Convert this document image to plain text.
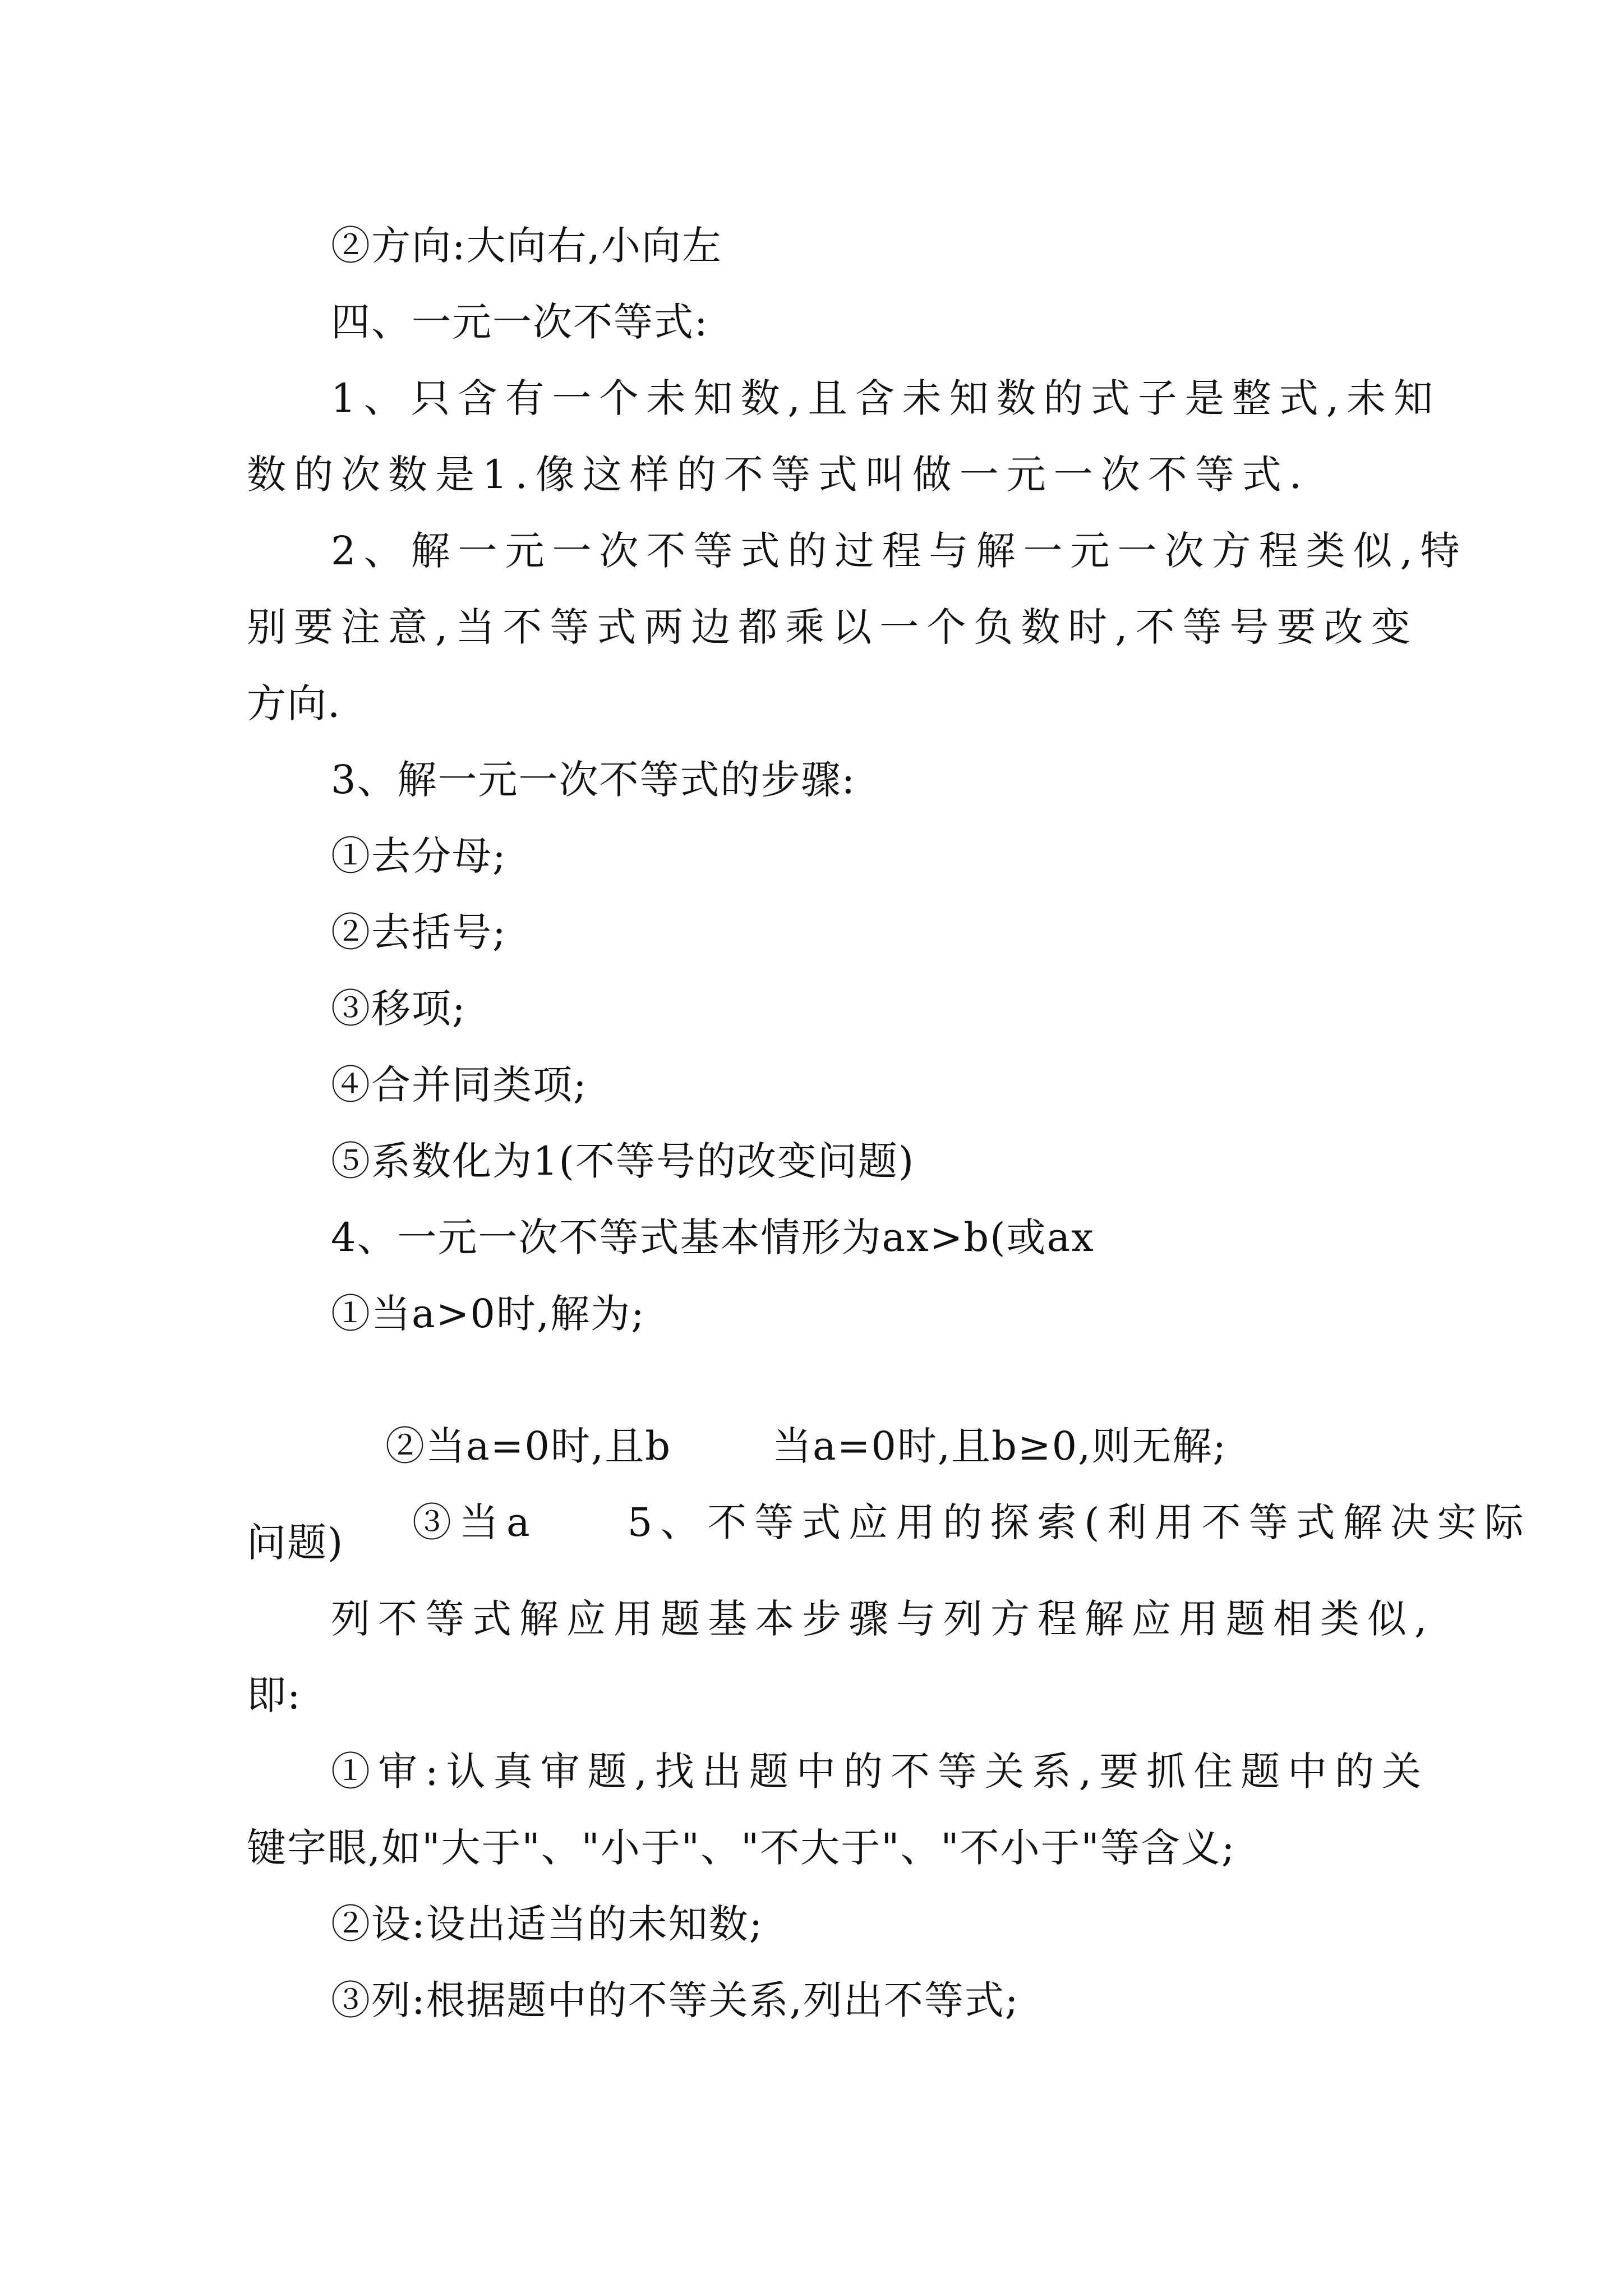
②方向:大向右,小向左
四、一元一次不等式:
1、只含有一个未知数,且含未知数的式子是整式,未知
数的次数是1.像这样的不等式叫做一元一次不等式.
2、解一元一次不等式的过程与解一元一次方程类似,特
别要注意,当不等式两边都乘以一个负数时,不等号要改变
方向.
3、解一元一次不等式的步骤:
①去分母;
②去括号;
③移项;
④合并同类项;
⑤系数化为1(不等号的改变问题)
4、一元一次不等式基本情形为ax>b(或ax
①当a>0时,解为;

②当a=0时,且b	当a=0时,且b≥0,则无解;

③当a 5、不等式应用的探索(利用不等式解决实际

问题)
列不等式解应用题基本步骤与列方程解应用题相类似,
即:
①审:认真审题,找出题中的不等关系,要抓住题中的关
键字眼,如"大于"、"小于"、"不大于"、"不小于"等含义;
②设:设出适当的未知数;
③列:根据题中的不等关系,列出不等式;
